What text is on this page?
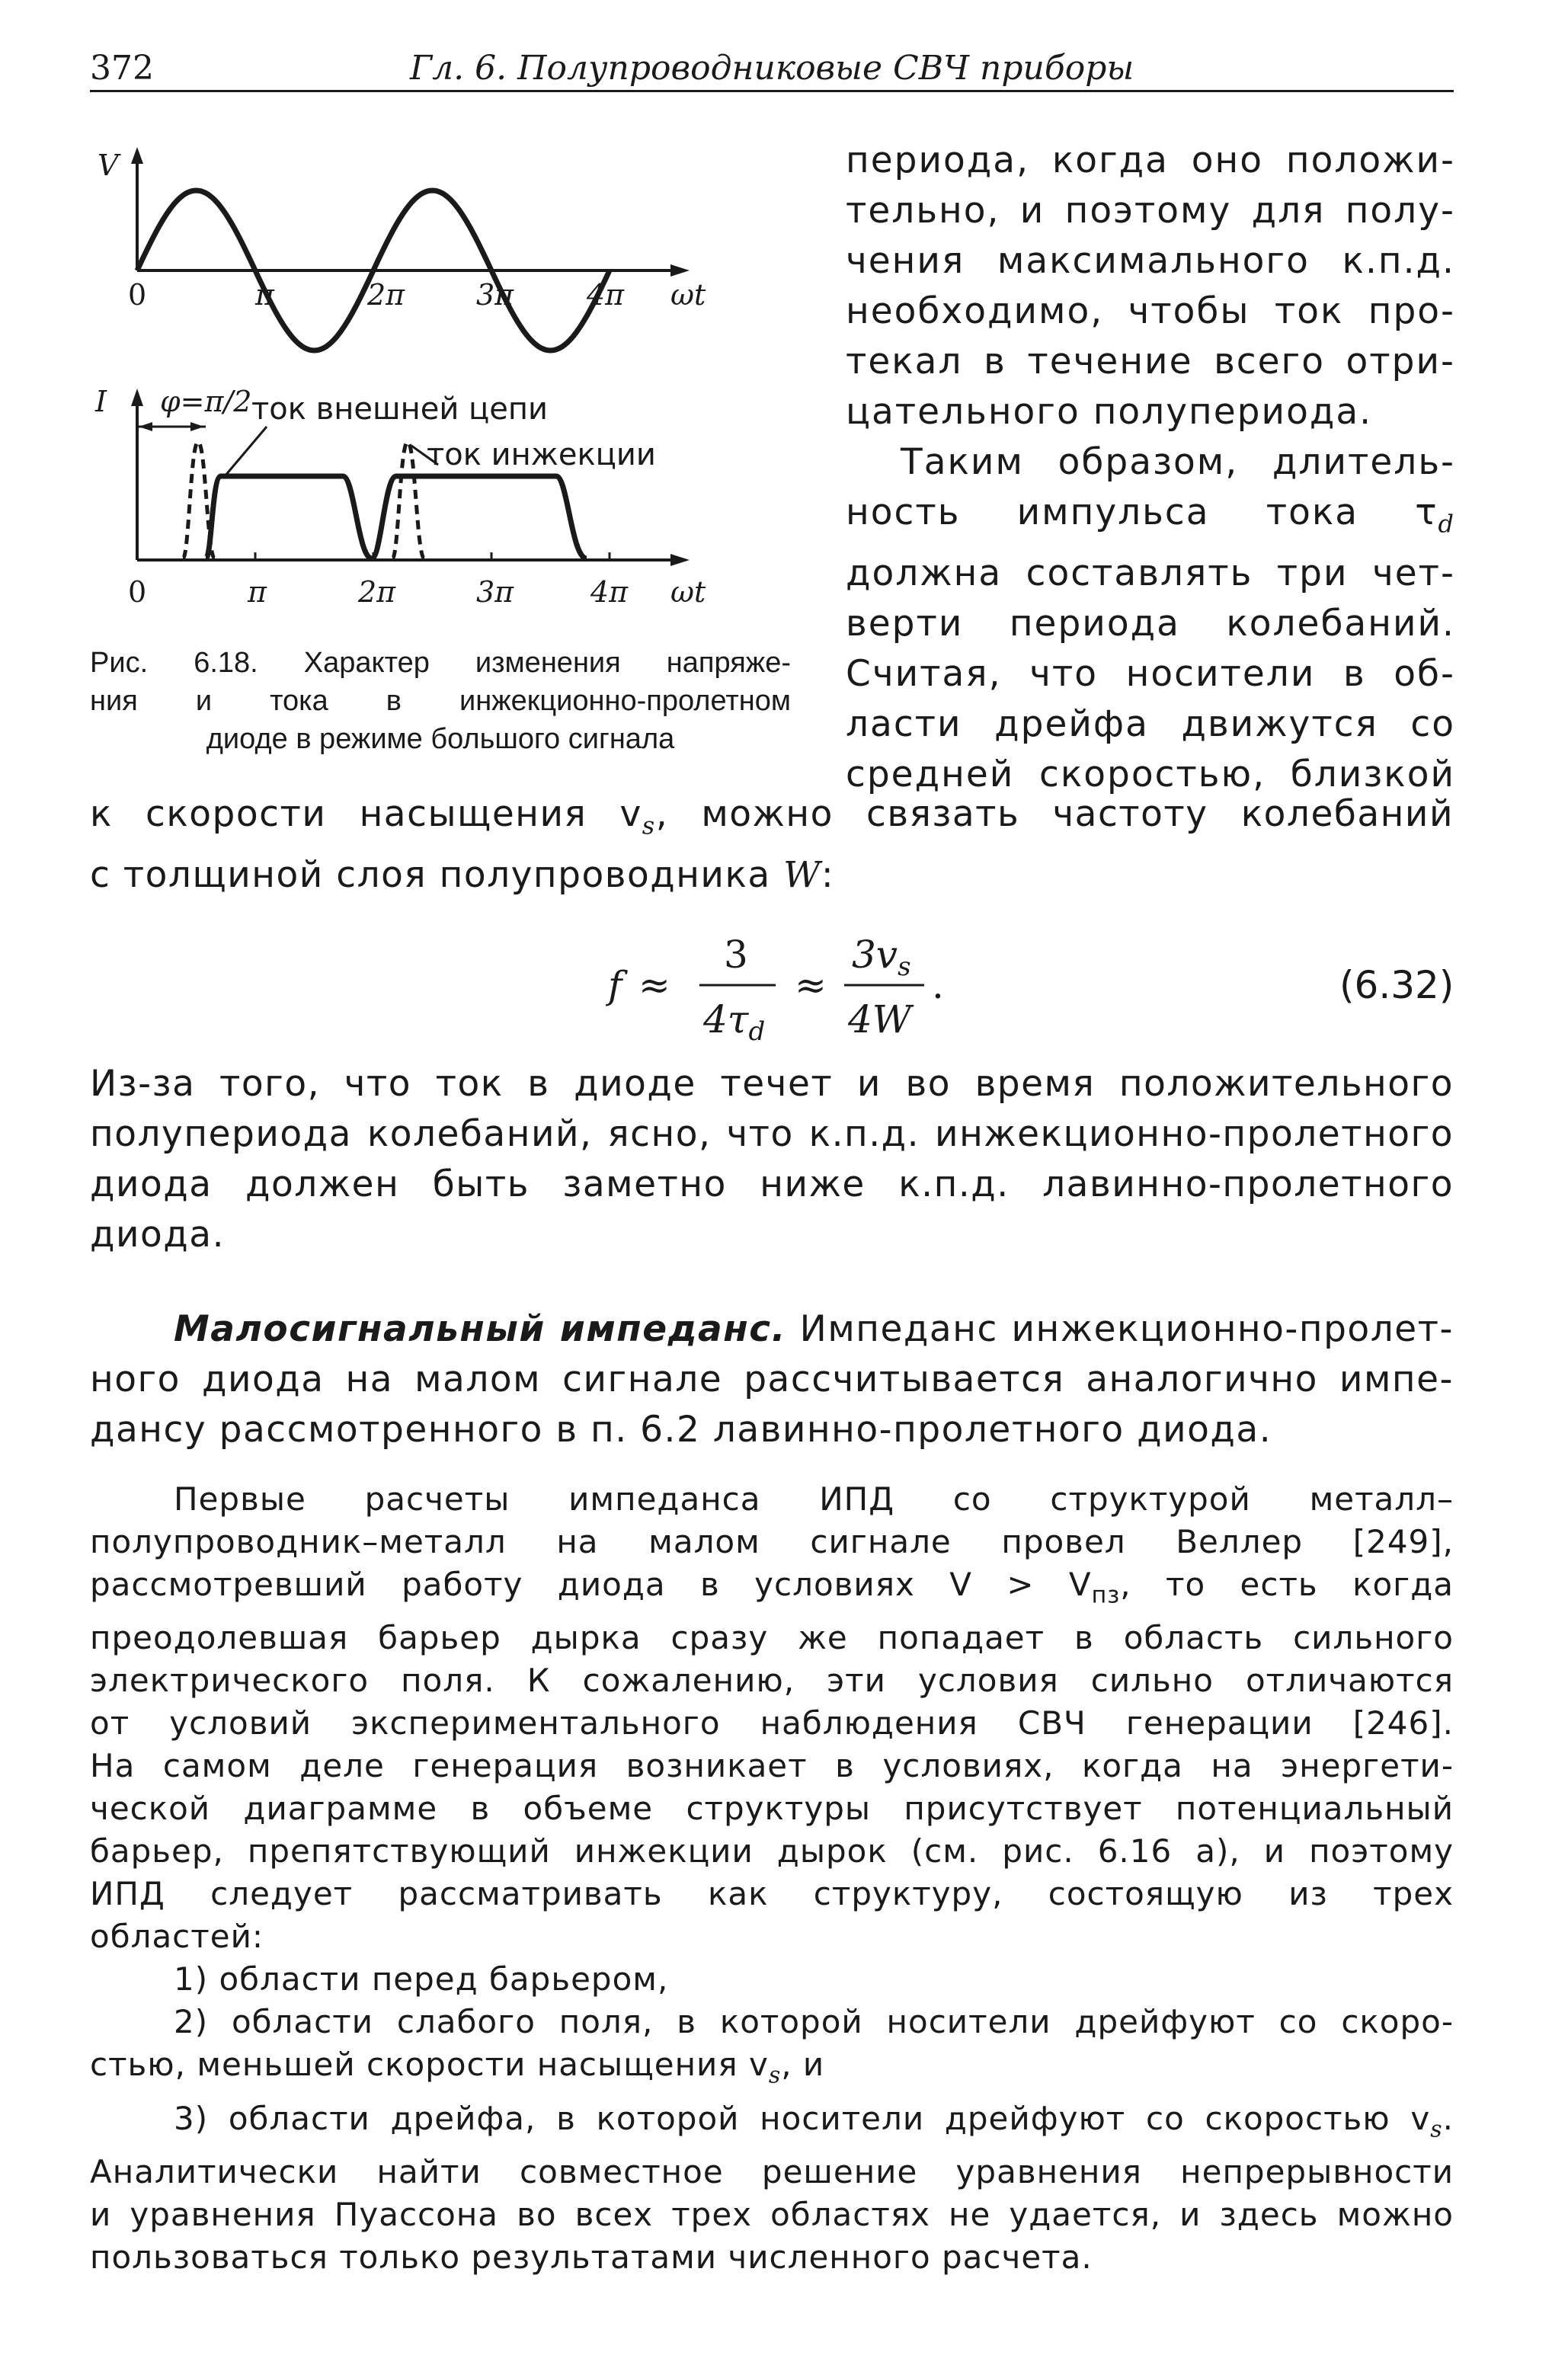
372	Гл. 6. Полупроводниковые СВЧ приборы
V
0	π	2π 3π	4π ωt
I φ=π/2 ток внешней цепи
ток инжекции
0	π	2π	3π	4π ωt
Рис. 6.18. Характер изменения напряже-
ния и тока в инжекционно-пролетном
диоде в режиме большого сигнала
периода, когда оно положи-
тельно, и поэтому для полу-
чения максимального к.п.д.
необходимо, чтобы ток про-
текал в течение всего отри-
цательного полупериода.
Таким образом, длитель-
ность импульса тока $\tau_d$
должна составлять три чет-
верти периода колебаний.
Считая, что носители в об-
ласти дрейфа движутся со
средней скоростью, близкой
к скорости насыщения $v_s$, можно связать частоту колебаний
с толщиной слоя полупроводника W:
f ≈
3
$4\tau_d$
≈
$3v_s$
4W
.	(6.32)
Из-за того, что ток в диоде течет и во время положительного
полупериода колебаний, ясно, что к.п.д. инжекционно-пролетного
диода должен быть заметно ниже к.п.д. лавинно-пролетного
диода.
Малосигнальный импеданс. Импеданс инжекционно-пролет-
ного диода на малом сигнале рассчитывается аналогично импе-
дансу рассмотренного в п. 6.2 лавинно-пролетного диода.
Первые расчеты импеданса ИПД со структурой металл–
полупроводник–металл на малом сигнале провел Веллер [249],
рассмотревший работу диода в условиях $V > V_{пз}$, то есть когда
преодолевшая барьер дырка сразу же попадает в область сильного
электрического поля. К сожалению, эти условия сильно отличаются
от условий экспериментального наблюдения СВЧ генерации [246].
На самом деле генерация возникает в условиях, когда на энергети-
ческой диаграмме в объеме структуры присутствует потенциальный
барьер, препятствующий инжекции дырок (см. рис. 6.16 а), и поэтому
ИПД следует рассматривать как структуру, состоящую из трех
областей:
1) области перед барьером,
2) области слабого поля, в которой носители дрейфуют со скоро-
стью, меньшей скорости насыщения $v_s$, и
3) области дрейфа, в которой носители дрейфуют со скоростью $v_s$.
Аналитически найти совместное решение уравнения непрерывности
и уравнения Пуассона во всех трех областях не удается, и здесь можно
пользоваться только результатами численного расчета.
